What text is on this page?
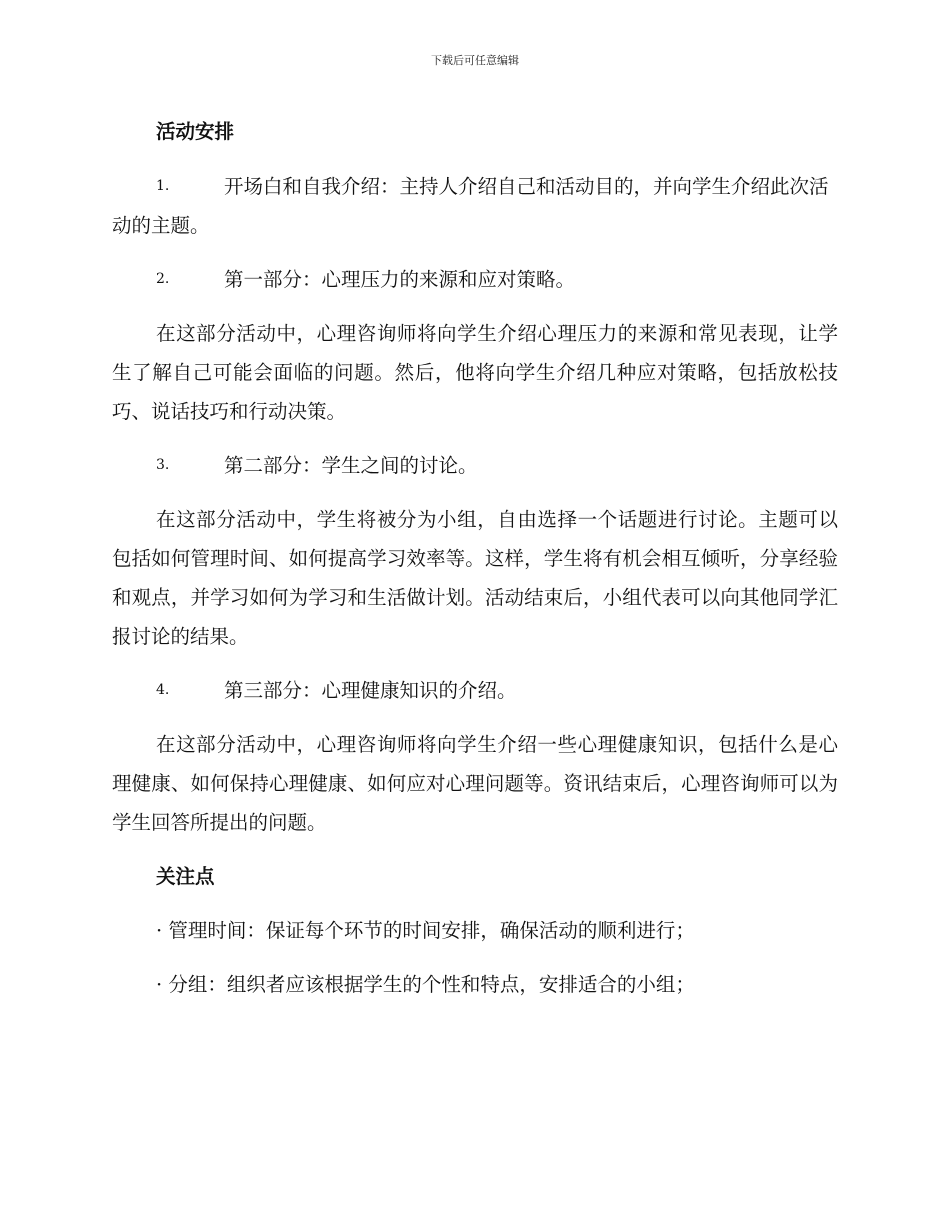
下载后可任意编辑

活动安排

1.	开场白和自我介绍：主持人介绍自己和活动目的，并向学生介绍此次活动的主题。

2.	第一部分：心理压力的来源和应对策略。

在这部分活动中，心理咨询师将向学生介绍心理压力的来源和常见表现，让学生了解自己可能会面临的问题。然后，他将向学生介绍几种应对策略，包括放松技巧、说话技巧和行动决策。

3.	第二部分：学生之间的讨论。

在这部分活动中，学生将被分为小组，自由选择一个话题进行讨论。主题可以包括如何管理时间、如何提高学习效率等。这样，学生将有机会相互倾听，分享经验和观点，并学习如何为学习和生活做计划。活动结束后，小组代表可以向其他同学汇报讨论的结果。

4.	第三部分：心理健康知识的介绍。

在这部分活动中，心理咨询师将向学生介绍一些心理健康知识，包括什么是心理健康、如何保持心理健康、如何应对心理问题等。资讯结束后，心理咨询师可以为学生回答所提出的问题。

关注点

· 管理时间：保证每个环节的时间安排，确保活动的顺利进行；

· 分组：组织者应该根据学生的个性和特点，安排适合的小组；
